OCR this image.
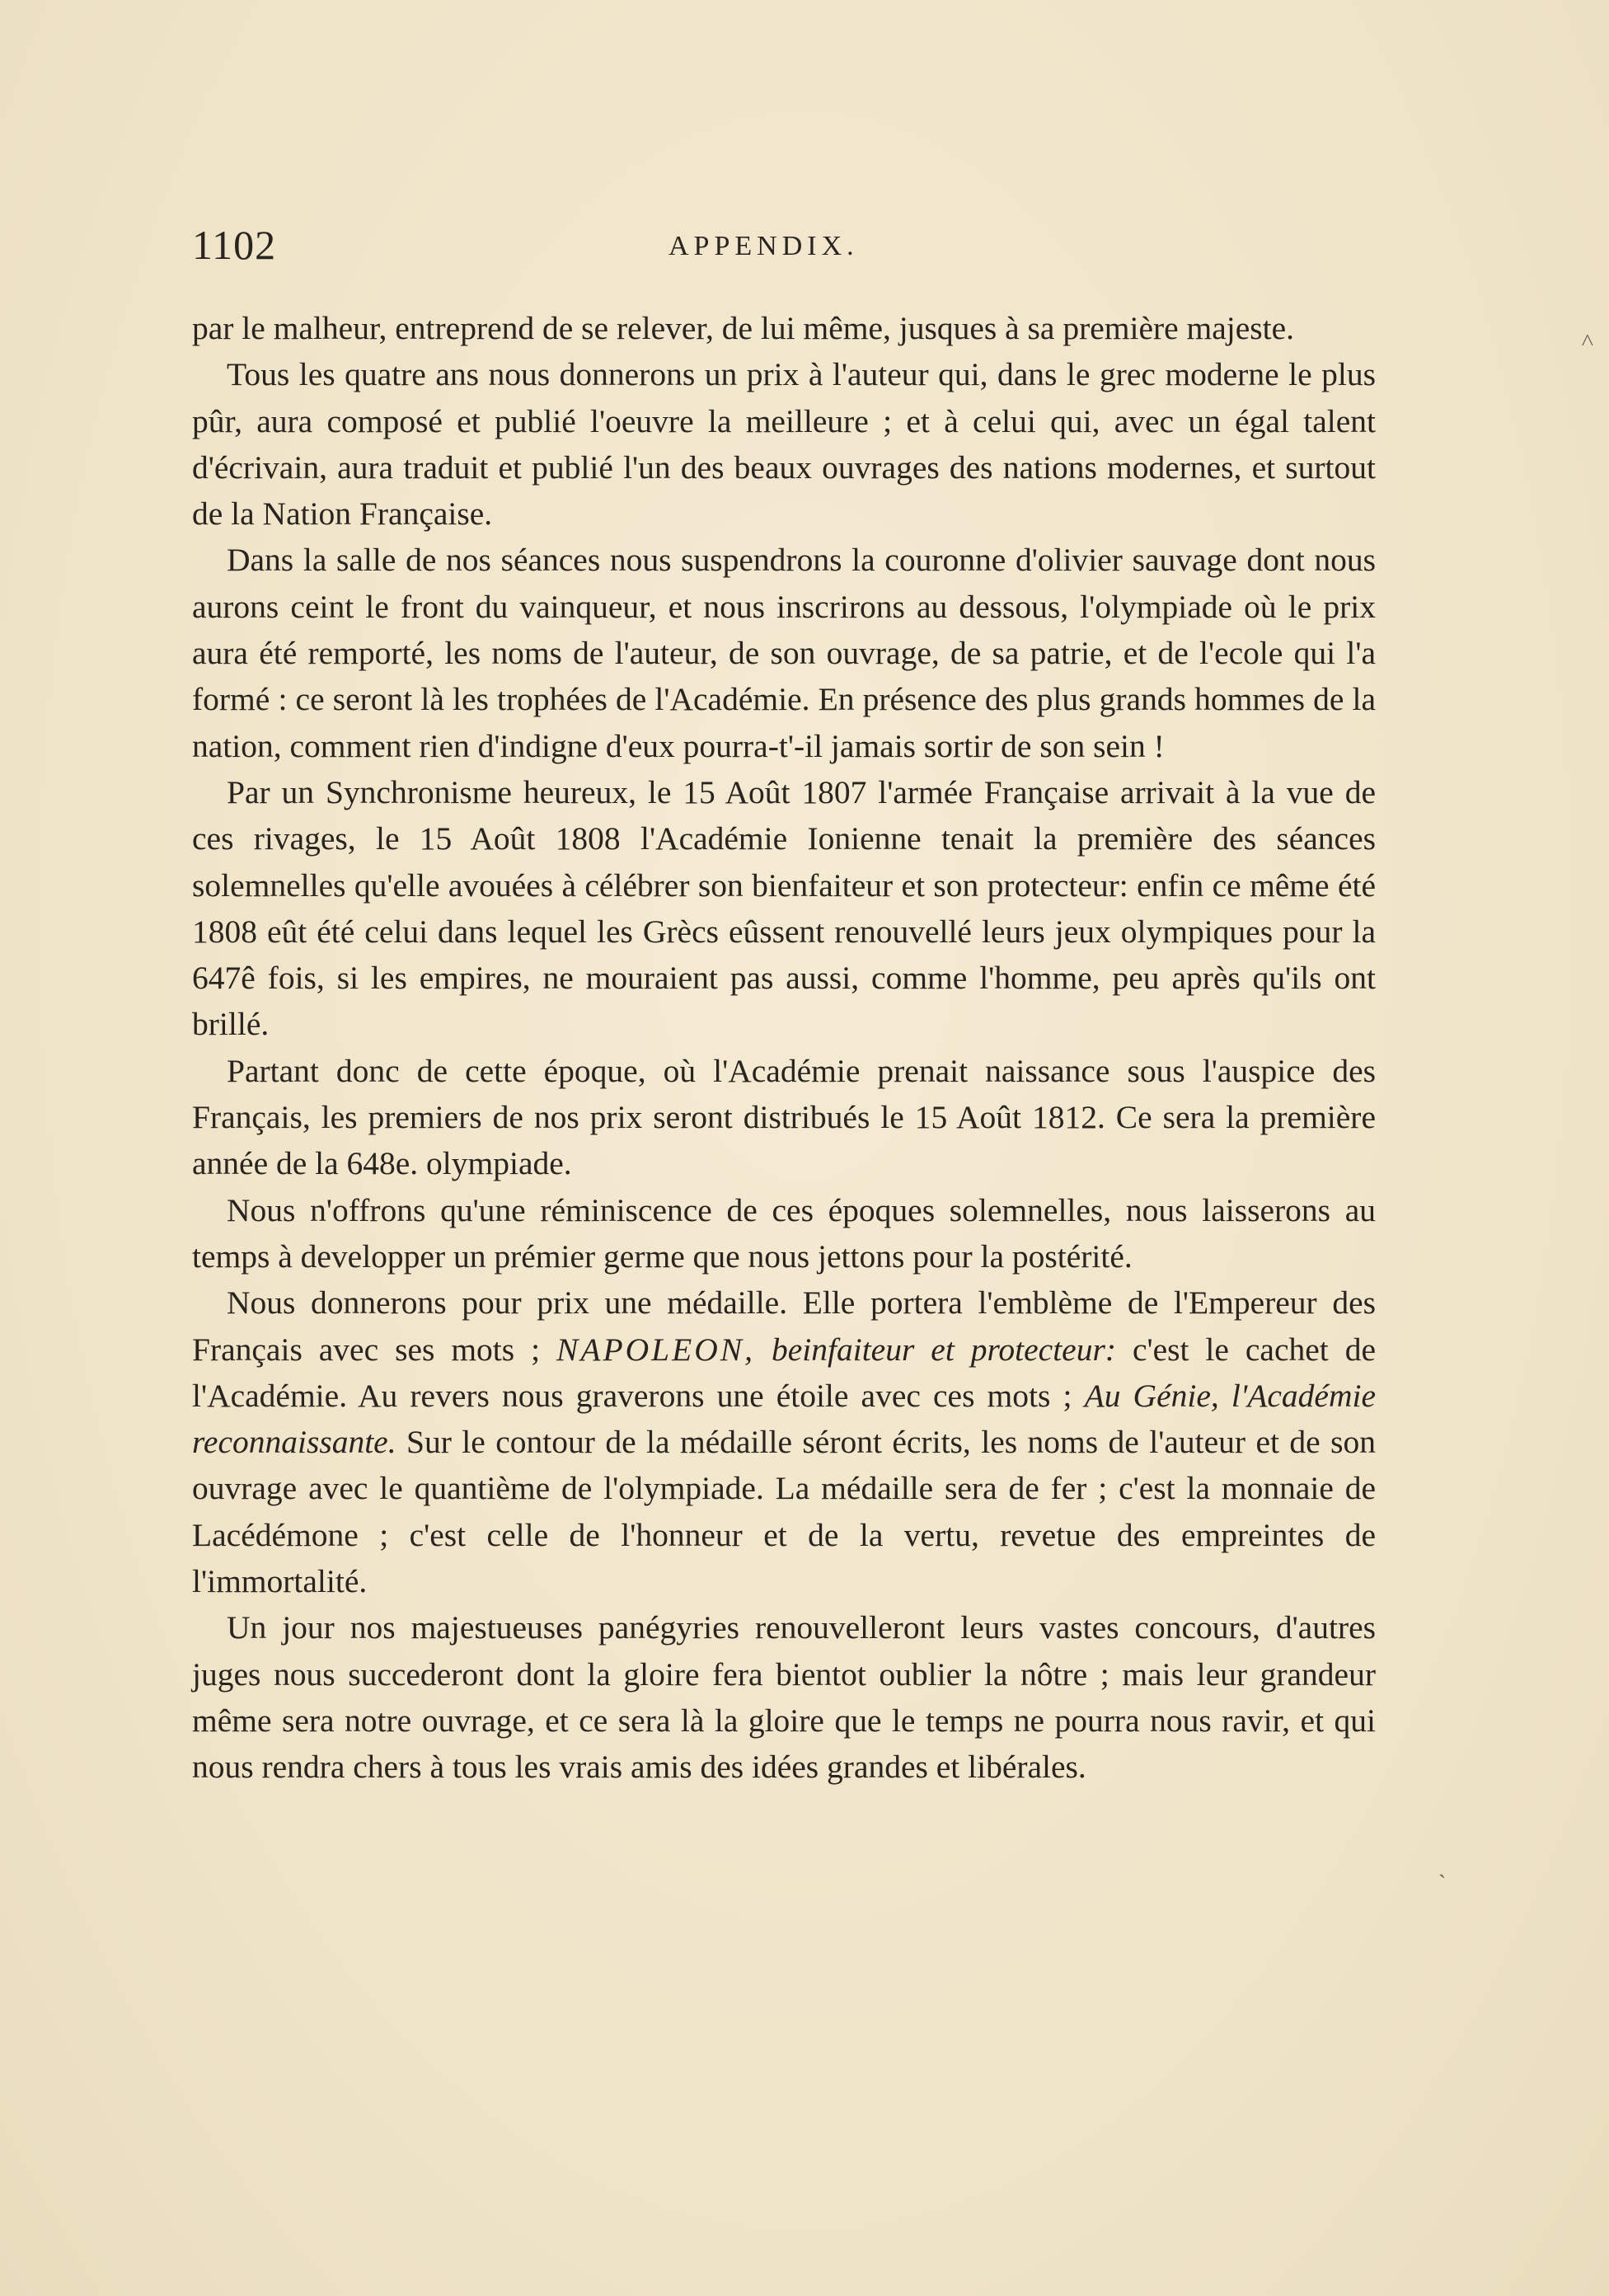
1102	APPENDIX.
˄
ˏ

par le malheur, entreprend de se relever, de lui même, jusques à sa première majeste.

Tous les quatre ans nous donnerons un prix à l'auteur qui, dans le grec moderne le plus pûr, aura composé et publié l'oeuvre la meilleure ; et à celui qui, avec un égal talent d'écrivain, aura traduit et publié l'un des beaux ouvrages des nations modernes, et surtout de la Nation Française.

Dans la salle de nos séances nous suspendrons la couronne d'olivier sauvage dont nous aurons ceint le front du vainqueur, et nous inscrirons au dessous, l'olympiade où le prix aura été remporté, les noms de l'auteur, de son ouvrage, de sa patrie, et de l'ecole qui l'a formé : ce seront là les trophées de l'Académie. En présence des plus grands hommes de la nation, comment rien d'indigne d'eux pourra-t'-il jamais sortir de son sein !

Par un Synchronisme heureux, le 15 Août 1807 l'armée Française arrivait à la vue de ces rivages, le 15 Août 1808 l'Académie Ionienne tenait la première des séances solemnelles qu'elle avouées à célébrer son bienfaiteur et son protecteur: enfin ce même été 1808 eût été celui dans lequel les Grècs eûssent renouvellé leurs jeux olympiques pour la 647ê fois, si les empires, ne mouraient pas aussi, comme l'homme, peu après qu'ils ont brillé.

Partant donc de cette époque, où l'Académie prenait naissance sous l'auspice des Français, les premiers de nos prix seront distribués le 15 Août 1812. Ce sera la première année de la 648e. olympiade.

Nous n'offrons qu'une réminiscence de ces époques solemnelles, nous laisserons au temps à developper un prémier germe que nous jettons pour la postérité.

Nous donnerons pour prix une médaille. Elle portera l'emblème de l'Empereur des Français avec ses mots ; NAPOLEON, beinfaiteur et protecteur: c'est le cachet de l'Académie. Au revers nous graverons une étoile avec ces mots ; Au Génie, l'Académie reconnaissante. Sur le contour de la médaille séront écrits, les noms de l'auteur et de son ouvrage avec le quantième de l'olympiade. La médaille sera de fer ; c'est la monnaie de Lacédémone ; c'est celle de l'honneur et de la vertu, revetue des empreintes de l'immortalité.

Un jour nos majestueuses panégyries renouvelleront leurs vastes concours, d'autres juges nous succederont dont la gloire fera bientot oublier la nôtre ; mais leur grandeur même sera notre ouvrage, et ce sera là la gloire que le temps ne pourra nous ravir, et qui nous rendra chers à tous les vrais amis des idées grandes et libérales.
